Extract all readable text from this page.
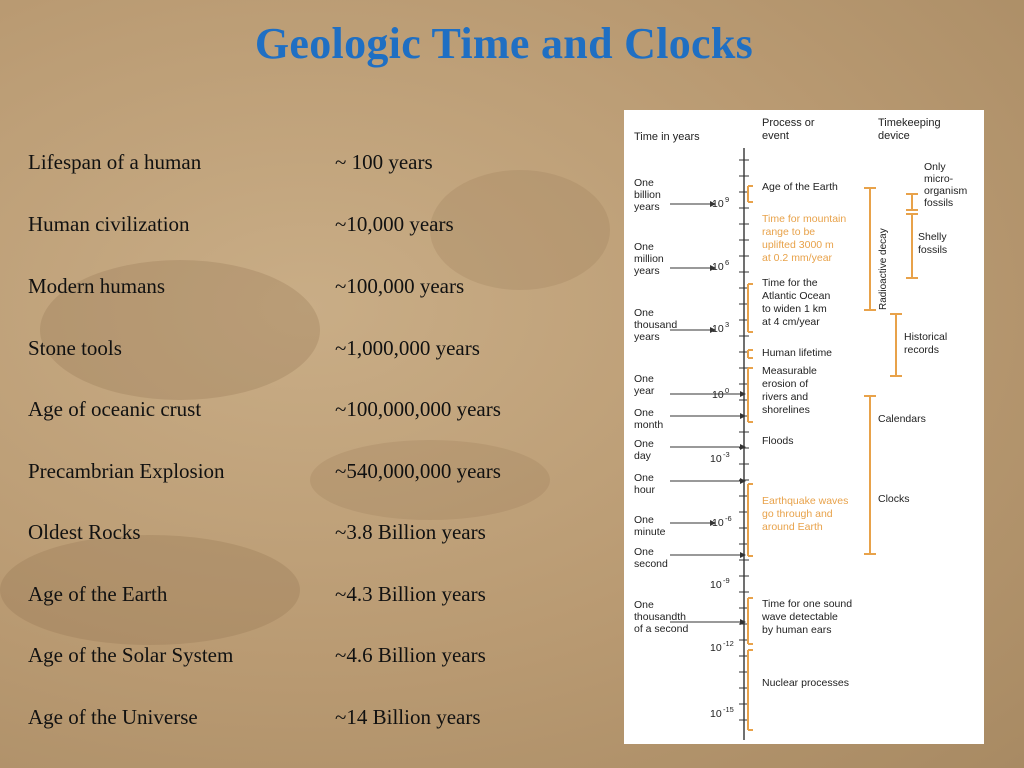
Geologic Time and Clocks
Lifespan of a human	~ 100 years
Human civilization	~10,000 years
Modern humans	~100,000 years
Stone tools	~1,000,000 years
Age of oceanic crust	~100,000,000 years
Precambrian Explosion	~540,000,000 years
Oldest Rocks	~3.8 Billion years
Age of the Earth	~4.3 Billion years
Age of the Solar System	~4.6 Billion years
Age of the Universe	~14 Billion years
Time in years
Process or
event
Timekeeping
device
One
billion
years
One
million
years
One
thousand
years
One
year
One
month
One
day
One
hour
One
minute
One
second
One
thousandth
of a second
10 9
10 6
10 3
10 0
10 -3
10 -6
10 -9
10 -12
10 -15
Age of the Earth
Time for mountain
range to be
uplifted 3000 m
at 0.2 mm/year
Time for the
Atlantic Ocean
to widen 1 km
at 4 cm/year
Human lifetime
Measurable
erosion of
rivers and
shorelines
Floods
Earthquake waves
go through and
around Earth
Time for one sound
wave detectable
by human ears
Nuclear processes
Radioactive decay
Only
micro-
organism
fossils
Shelly
fossils
Historical
records
Calendars
Clocks
